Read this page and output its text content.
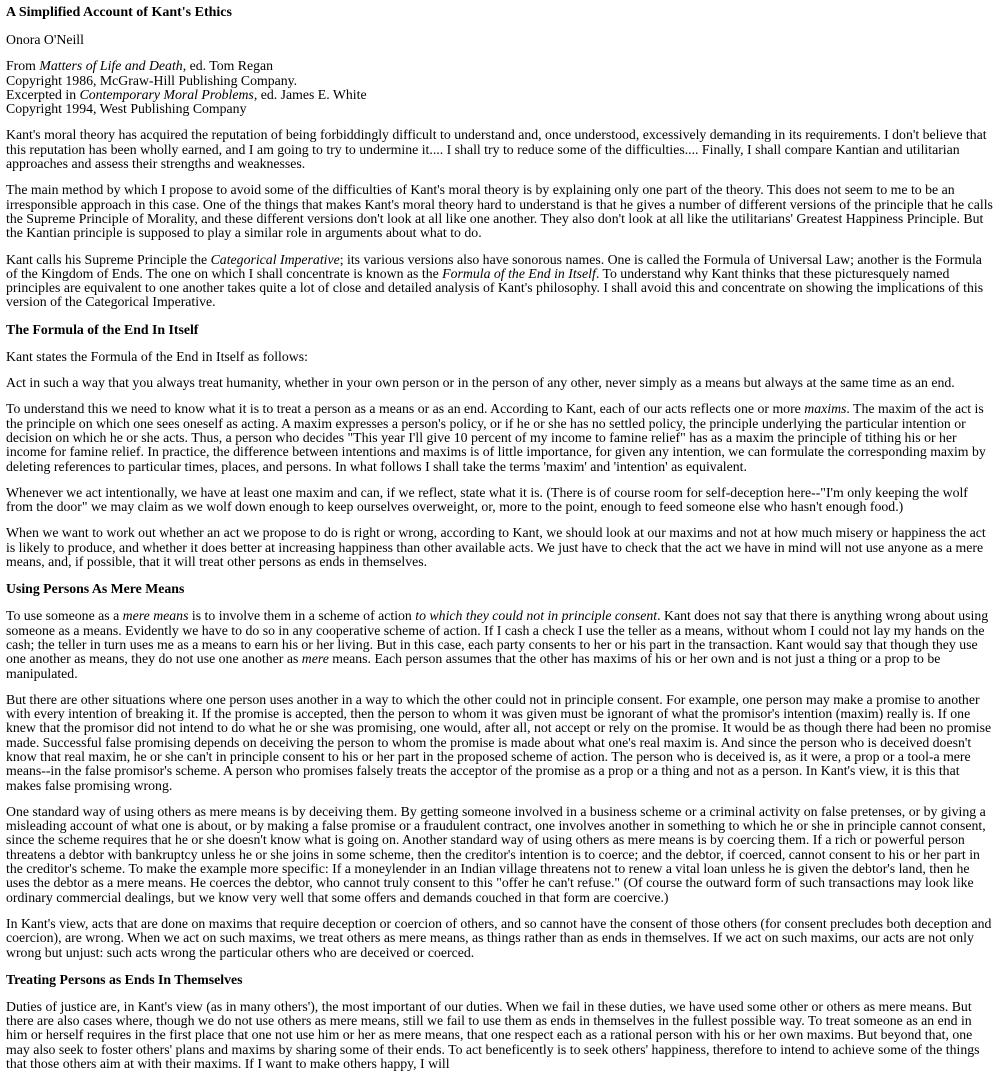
A Simplified Account of Kant's Ethics

Onora O'Neill

From Matters of Life and Death, ed. Tom Regan
Copyright 1986, McGraw-Hill Publishing Company.
Excerpted in Contemporary Moral Problems, ed. James E. White
Copyright 1994, West Publishing Company

Kant's moral theory has acquired the reputation of being forbiddingly difficult to understand and, once understood, excessively demanding in its requirements. I don't believe that this reputation has been wholly earned, and I am going to try to undermine it.... I shall try to reduce some of the difficulties.... Finally, I shall compare Kantian and utilitarian approaches and assess their strengths and weaknesses.

The main method by which I propose to avoid some of the difficulties of Kant's moral theory is by explaining only one part of the theory. This does not seem to me to be an irresponsible approach in this case. One of the things that makes Kant's moral theory hard to understand is that he gives a number of different versions of the principle that he calls the Supreme Principle of Morality, and these different versions don't look at all like one another. They also don't look at all like the utilitarians' Greatest Happiness Principle. But the Kantian principle is supposed to play a similar role in arguments about what to do.

Kant calls his Supreme Principle the Categorical Imperative; its various versions also have sonorous names. One is called the Formula of Universal Law; another is the Formula of the Kingdom of Ends. The one on which I shall concentrate is known as the Formula of the End in Itself. To understand why Kant thinks that these picturesquely named principles are equivalent to one another takes quite a lot of close and detailed analysis of Kant's philosophy. I shall avoid this and concentrate on showing the implications of this version of the Categorical Imperative.

The Formula of the End In Itself

Kant states the Formula of the End in Itself as follows:

Act in such a way that you always treat humanity, whether in your own person or in the person of any other, never simply as a means but always at the same time as an end.

To understand this we need to know what it is to treat a person as a means or as an end. According to Kant, each of our acts reflects one or more maxims. The maxim of the act is the principle on which one sees oneself as acting. A maxim expresses a person's policy, or if he or she has no settled policy, the principle underlying the particular intention or decision on which he or she acts. Thus, a person who decides "This year I'll give 10 percent of my income to famine relief" has as a maxim the principle of tithing his or her income for famine relief. In practice, the difference between intentions and maxims is of little importance, for given any intention, we can formulate the corresponding maxim by deleting references to particular times, places, and persons. In what follows I shall take the terms 'maxim' and 'intention' as equivalent.

Whenever we act intentionally, we have at least one maxim and can, if we reflect, state what it is. (There is of course room for self-deception here--"I'm only keeping the wolf from the door" we may claim as we wolf down enough to keep ourselves overweight, or, more to the point, enough to feed someone else who hasn't enough food.)

When we want to work out whether an act we propose to do is right or wrong, according to Kant, we should look at our maxims and not at how much misery or happiness the act is likely to produce, and whether it does better at increasing happiness than other available acts. We just have to check that the act we have in mind will not use anyone as a mere means, and, if possible, that it will treat other persons as ends in themselves.

Using Persons As Mere Means

To use someone as a mere means is to involve them in a scheme of action to which they could not in principle consent. Kant does not say that there is anything wrong about using someone as a means. Evidently we have to do so in any cooperative scheme of action. If I cash a check I use the teller as a means, without whom I could not lay my hands on the cash; the teller in turn uses me as a means to earn his or her living. But in this case, each party consents to her or his part in the transaction. Kant would say that though they use one another as means, they do not use one another as mere means. Each person assumes that the other has maxims of his or her own and is not just a thing or a prop to be manipulated.

But there are other situations where one person uses another in a way to which the other could not in principle consent. For example, one person may make a promise to another with every intention of breaking it. If the promise is accepted, then the person to whom it was given must be ignorant of what the promisor's intention (maxim) really is. If one knew that the promisor did not intend to do what he or she was promising, one would, after all, not accept or rely on the promise. It would be as though there had been no promise made. Successful false promising depends on deceiving the person to whom the promise is made about what one's real maxim is. And since the person who is deceived doesn't know that real maxim, he or she can't in principle consent to his or her part in the proposed scheme of action. The person who is deceived is, as it were, a prop or a tool-a mere means--in the false promisor's scheme. A person who promises falsely treats the acceptor of the promise as a prop or a thing and not as a person. In Kant's view, it is this that makes false promising wrong.

One standard way of using others as mere means is by deceiving them. By getting someone involved in a business scheme or a criminal activity on false pretenses, or by giving a misleading account of what one is about, or by making a false promise or a fraudulent contract, one involves another in something to which he or she in principle cannot consent, since the scheme requires that he or she doesn't know what is going on. Another standard way of using others as mere means is by coercing them. If a rich or powerful person threatens a debtor with bankruptcy unless he or she joins in some scheme, then the creditor's intention is to coerce; and the debtor, if coerced, cannot consent to his or her part in the creditor's scheme. To make the example more specific: If a moneylender in an Indian village threatens not to renew a vital loan unless he is given the debtor's land, then he uses the debtor as a mere means. He coerces the debtor, who cannot truly consent to this "offer he can't refuse." (Of course the outward form of such transactions may look like ordinary commercial dealings, but we know very well that some offers and demands couched in that form are coercive.)

In Kant's view, acts that are done on maxims that require deception or coercion of others, and so cannot have the consent of those others (for consent precludes both deception and coercion), are wrong. When we act on such maxims, we treat others as mere means, as things rather than as ends in themselves. If we act on such maxims, our acts are not only wrong but unjust: such acts wrong the particular others who are deceived or coerced.

Treating Persons as Ends In Themselves

Duties of justice are, in Kant's view (as in many others'), the most important of our duties. When we fail in these duties, we have used some other or others as mere means. But there are also cases where, though we do not use others as mere means, still we fail to use them as ends in themselves in the fullest possible way. To treat someone as an end in him or herself requires in the first place that one not use him or her as mere means, that one respect each as a rational person with his or her own maxims. But beyond that, one may also seek to foster others' plans and maxims by sharing some of their ends. To act beneficently is to seek others' happiness, therefore to intend to achieve some of the things that those others aim at with their maxims. If I want to make others happy, I will
